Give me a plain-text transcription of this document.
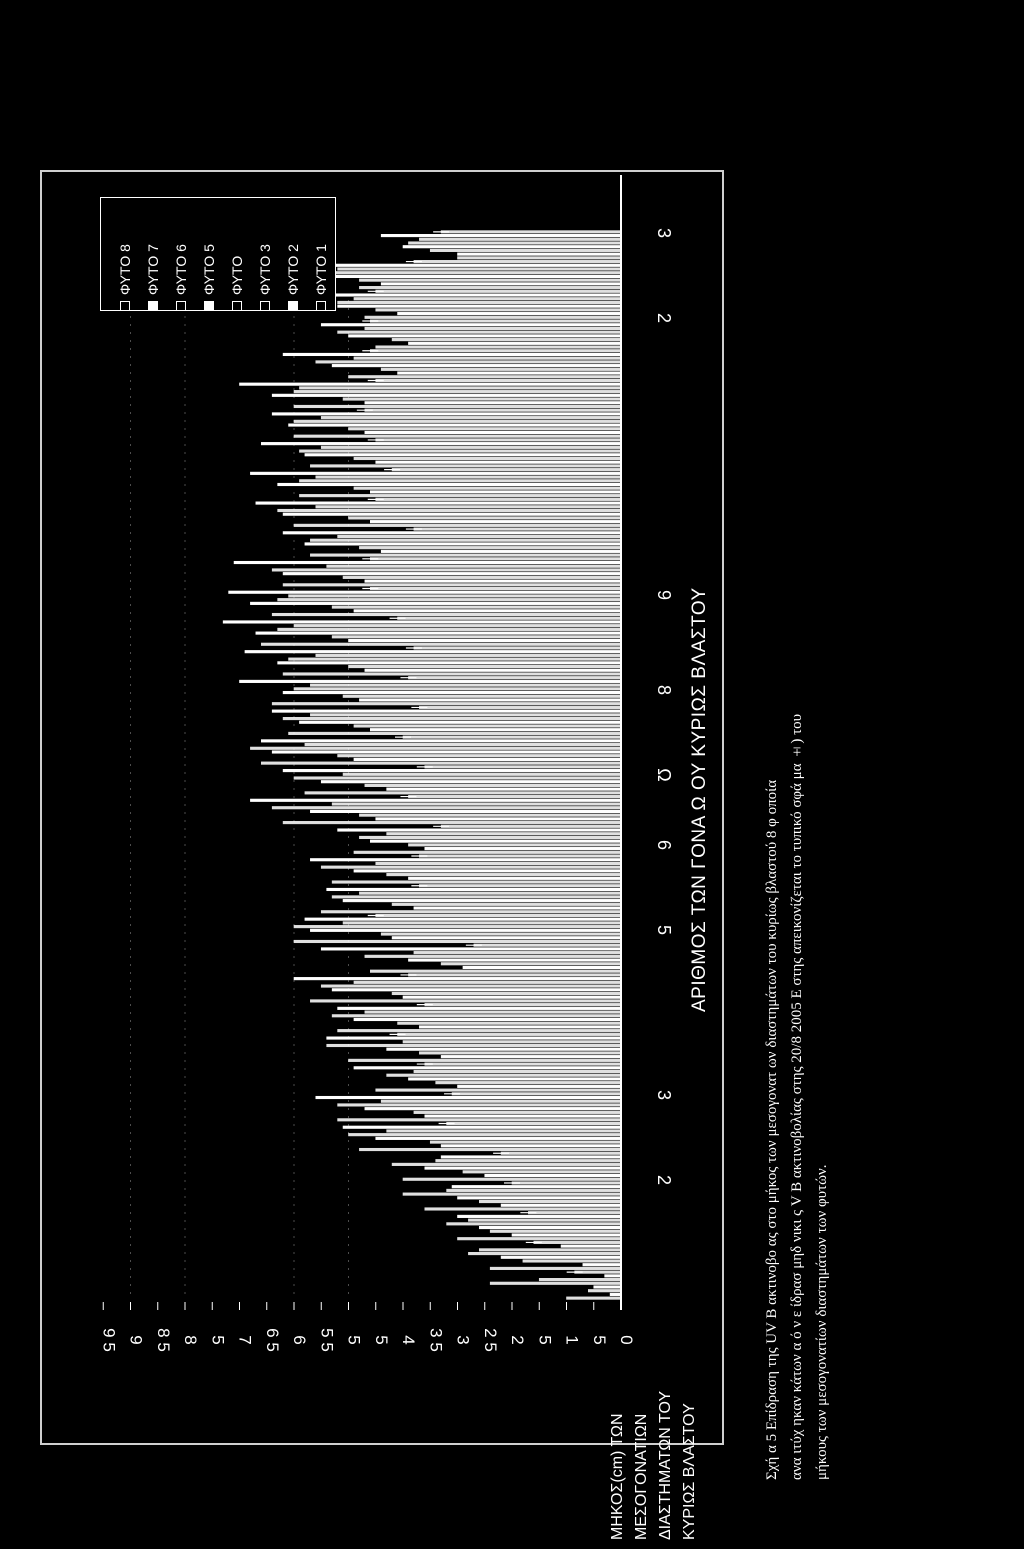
0
5
1
5
2
2 5
3
3 5
4
5
5
5 5
6
6 5
7
5
8
8 5
9
9 5
2
3
5
6
Ω
8
9
2
3
ΜΗΚΟΣ(cm) ΤΩΝ ΜΕΣΟΓΟΝΑΤΙΩΝ ΔΙΑΣΤΗΜΑΤΩΝ ΤΟΥ ΚΥΡΙΩΣ ΒΛΑΣΤΟΥ
ΑΡΙΘΜΟΣ ΤΩΝ ΓΟΝΑ Ω ΟΥ ΚΥΡΙΩΣ ΒΛΑΣΤΟΥ
ΦΥΤΟ 1
ΦΥΤΟ 2
ΦΥΤΟ 3
ΦΥΤΟ
ΦΥΤΟ 5
ΦΥΤΟ 6
ΦΥΤΟ 7
ΦΥΤΟ 8

Σχή α 5 Επίδραση της UV Β ακτινοβο ας στο μήκος των μεσογονατ ων διαστημάτων του κυρίως βλαστού 8 φ οποία ανα ιτύχ ηκαν κάτων α ό ν ε ίδρασ μηδ νικι ς V Β ακτινοβολίας στης 20/8 2005 Ε στης απεικονίζεται το τυπικό σφά μα ±) του μήκους των μεσογονατίων διαστημάτων των φυτών.
